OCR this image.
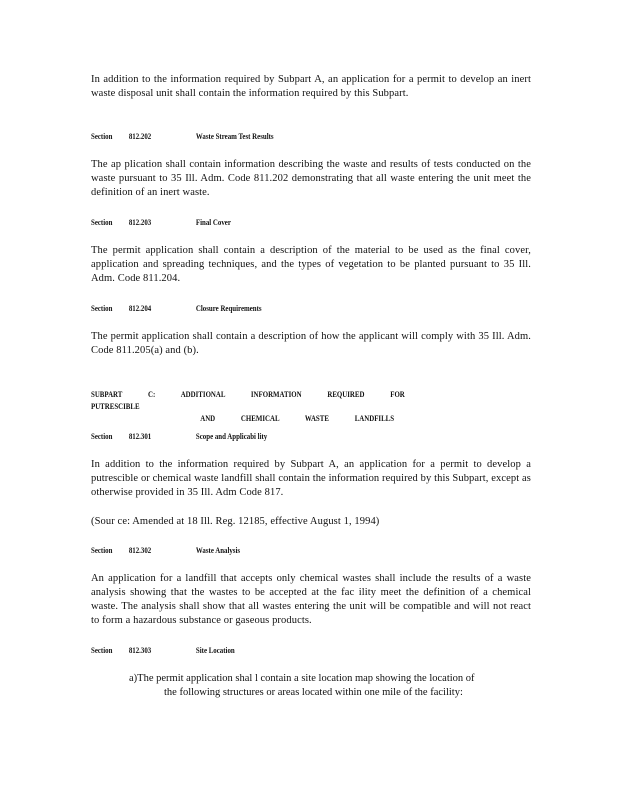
In addition to the information required by Subpart A, an application for a permit to develop an inert waste disposal unit shall contain the information required by this Subpart.

Section 812.202	Waste Stream Test Results

The ap plication shall contain information describing the waste and results of tests conducted on the waste pursuant to 35 Ill. Adm. Code 811.202 demonstrating that all waste entering the unit meet the definition of an inert waste.

Section 812.203	Final Cover

The permit application shall contain a description of the material to be used as the final cover, application and spreading techniques, and the types of vegetation to be planted pursuant to 35 Ill. Adm. Code 811.204.

Section 812.204	Closure Requirements

The permit application shall contain a description of how the applicant will comply with 35 Ill. Adm. Code 811.205(a) and (b).

SUBPART C: ADDITIONAL INFORMATION REQUIRED FOR PUTRESCIBLE
AND CHEMICAL WASTE LANDFILLS
Section 812.301	Scope and Applicabi lity

In addition to the information required by Subpart A, an application for a permit to develop a putrescible or chemical waste landfill shall contain the information required by this Subpart, except as otherwise provided in 35 Ill. Adm Code 817.

(Sour ce: Amended at 18 Ill. Reg. 12185, effective August 1, 1994)

Section 812.302	Waste Analysis

An application for a landfill that accepts only chemical wastes shall include the results of a waste analysis showing that the wastes to be accepted at the fac ility meet the definition of a chemical waste. The analysis shall show that all wastes entering the unit will be compatible and will not react to form a hazardous substance or gaseous products.

Section 812.303	Site Location
a)The permit application shal l contain a site location map showing the location of
the following structures or areas located within one mile of the facility:
